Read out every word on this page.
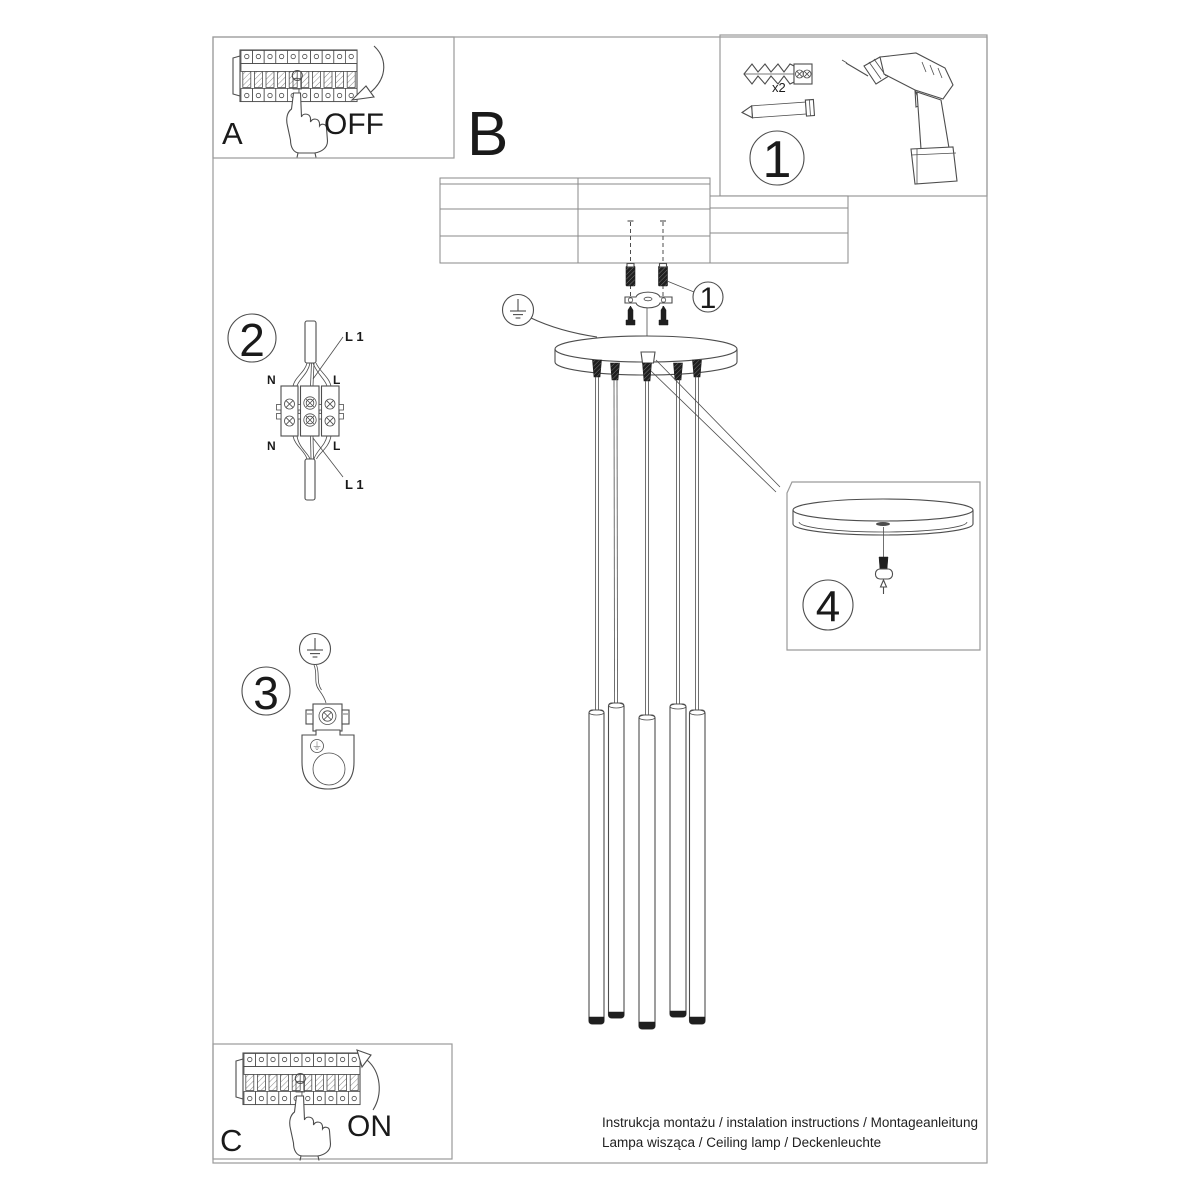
A	OFF
C	ON
x2
1
B
1
2	L 1
N	L
N	L
L 1
3
4
Instrukcja montażu / instalation instructions / Montageanleitung
Lampa wisząca / Ceiling lamp / Deckenleuchte
